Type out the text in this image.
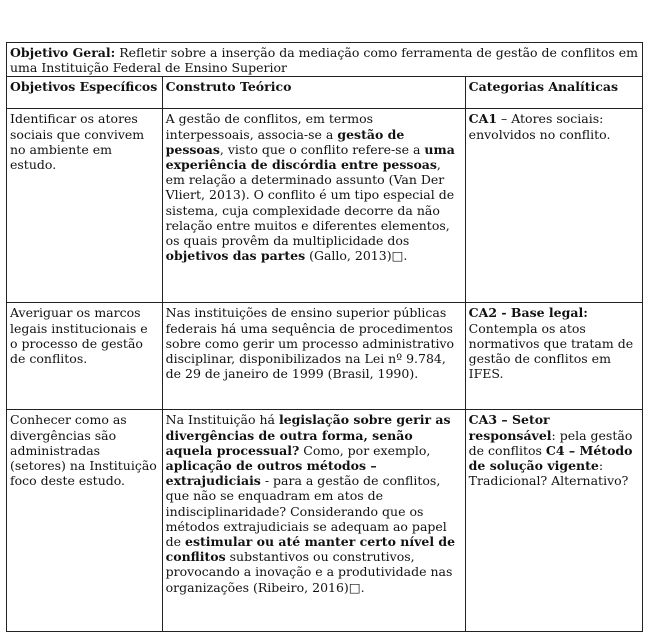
Objetivo Geral: Refletir sobre a inserção da mediação como ferramenta de gestão de conflitos em uma Instituição Federal de Ensino Superior		
Objetivos Específicos	Construto Teórico	Categorias Analíticas
Identificar os atores sociais que convivem no ambiente em estudo.	A gestão de conflitos, em termos interpessoais, associa-se a gestão de pessoas, visto que o conflito refere-se a uma experiência de discórdia entre pessoas, em relação a determinado assunto (Van Der Vliert, 2013). O conflito é um tipo especial de sistema, cuja complexidade decorre da não relação entre muitos e diferentes elementos, os quais provêm da multiplicidade dos objetivos das partes (Gallo, 2013)□.	CA1 – Atores sociais: envolvidos no conflito.
Averiguar os marcos legais institucionais e o processo de gestão de conflitos.	Nas instituições de ensino superior públicas federais há uma sequência de procedimentos sobre como gerir um processo administrativo disciplinar, disponibilizados na Lei nº 9.784, de 29 de janeiro de 1999 (Brasil, 1990).	CA2 - Base legal: Contempla os atos normativos que tratam de gestão de conflitos em IFES.
Conhecer como as divergências são administradas (setores) na Instituição foco deste estudo.	Na Instituição há legislação sobre gerir as divergências de outra forma, senão aquela processual? Como, por exemplo, aplicação de outros métodos – extrajudiciais - para a gestão de conflitos, que não se enquadram em atos de indisciplinaridade? Considerando que os métodos extrajudiciais se adequam ao papel de estimular ou até manter certo nível de conflitos substantivos ou construtivos, provocando a inovação e a produtividade nas organizações (Ribeiro, 2016)□.	CA3 – Setor responsável: pela gestão de conflitos C4 – Método de solução vigente: Tradicional? Alternativo?
